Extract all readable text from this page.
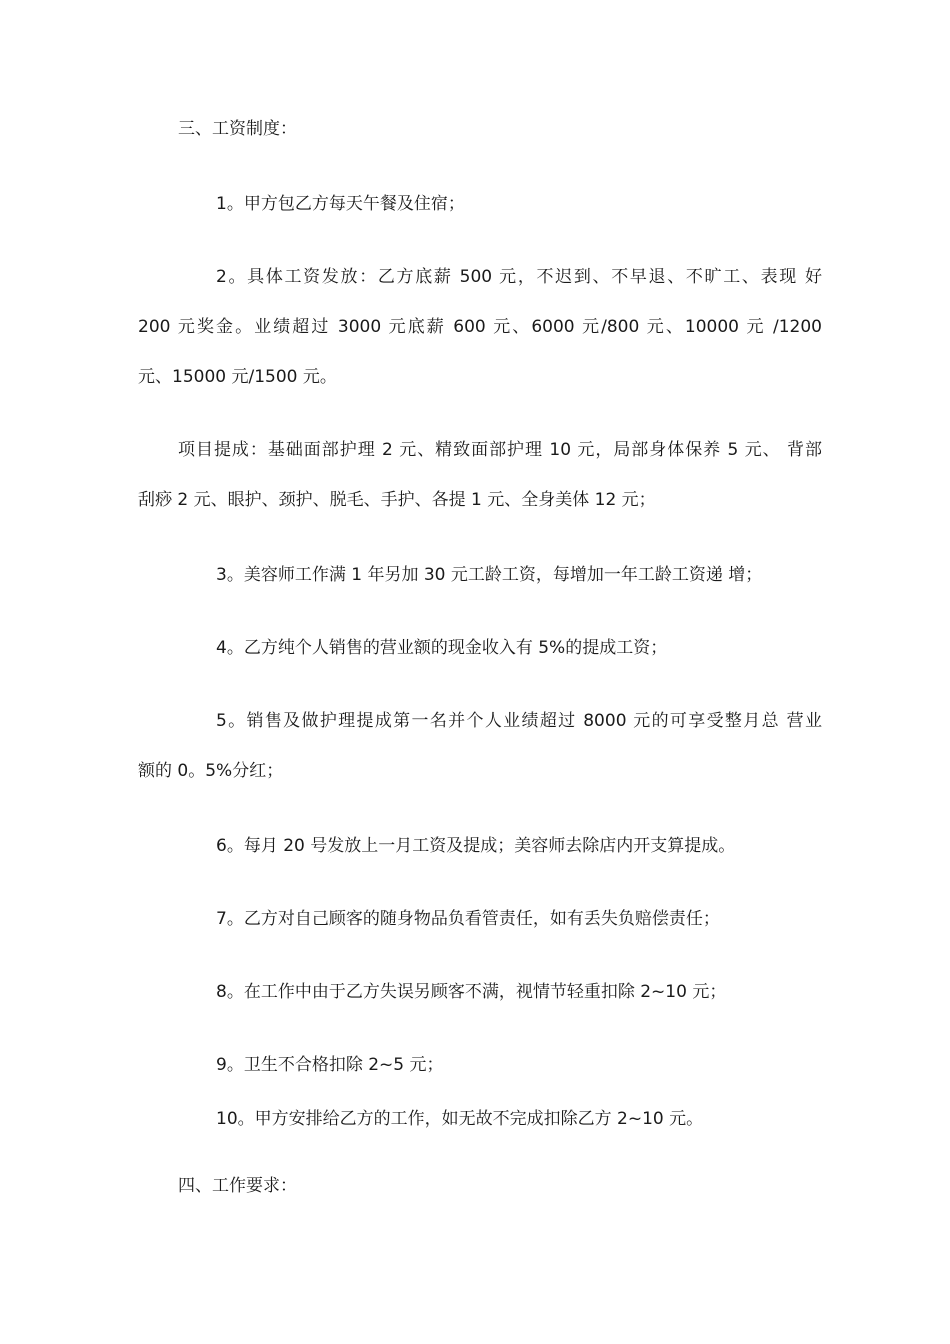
三、工资制度：
1。甲方包乙方每天午餐及住宿；
2。具体工资发放：乙方底薪 500 元，不迟到、不早退、不旷工、表现 好
200 元奖金。业绩超过 3000 元底薪 600 元、6000 元/800 元、10000 元 /1200
元、15000 元/1500 元。
项目提成：基础面部护理 2 元、精致面部护理 10 元，局部身体保养 5 元、 背部
刮痧 2 元、眼护、颈护、脱毛、手护、各提 1 元、全身美体 12 元；
3。美容师工作满 1 年另加 30 元工龄工资，每增加一年工龄工资递 增；
4。乙方纯个人销售的营业额的现金收入有 5%的提成工资；
5。销售及做护理提成第一名并个人业绩超过 8000 元的可享受整月总 营业
额的 0。5%分红；
6。每月 20 号发放上一月工资及提成；美容师去除店内开支算提成。
7。乙方对自己顾客的随身物品负看管责任，如有丢失负赔偿责任；
8。在工作中由于乙方失误另顾客不满，视情节轻重扣除 2~10 元；
9。卫生不合格扣除 2~5 元；
10。甲方安排给乙方的工作，如无故不完成扣除乙方 2~10 元。
四、工作要求：
